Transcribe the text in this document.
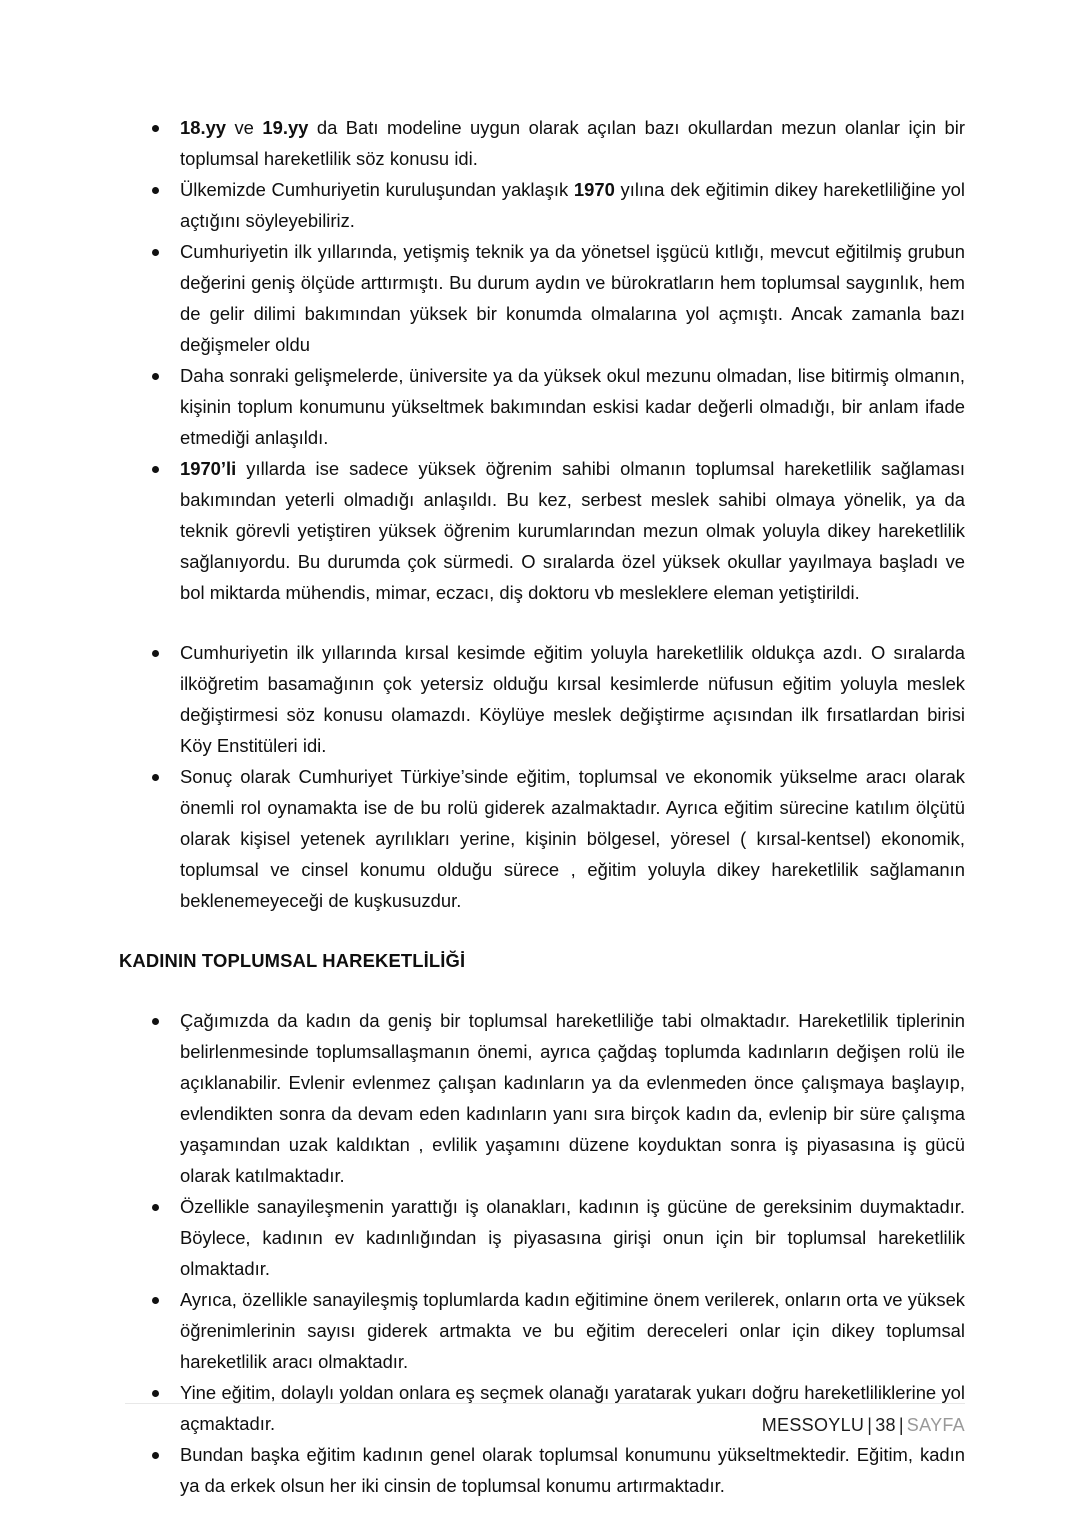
18.yy ve 19.yy da Batı modeline uygun olarak açılan bazı okullardan mezun olanlar için bir toplumsal hareketlilik söz konusu idi.
Ülkemizde Cumhuriyetin kuruluşundan yaklaşık 1970 yılına dek eğitimin dikey hareketliliğine yol açtığını söyleyebiliriz.
Cumhuriyetin ilk yıllarında, yetişmiş teknik ya da yönetsel işgücü kıtlığı, mevcut eğitilmiş grubun değerini geniş ölçüde arttırmıştı. Bu durum aydın ve bürokratların hem toplumsal saygınlık, hem de gelir dilimi bakımından yüksek bir konumda olmalarına yol açmıştı. Ancak zamanla bazı değişmeler oldu
Daha sonraki gelişmelerde, üniversite ya da yüksek okul mezunu olmadan, lise bitirmiş olmanın, kişinin toplum konumunu yükseltmek bakımından eskisi kadar değerli olmadığı, bir anlam ifade etmediği anlaşıldı.
1970’li yıllarda ise sadece yüksek öğrenim sahibi olmanın toplumsal hareketlilik sağlaması bakımından yeterli olmadığı anlaşıldı. Bu kez, serbest meslek sahibi olmaya yönelik, ya da teknik görevli yetiştiren yüksek öğrenim kurumlarından mezun olmak yoluyla dikey hareketlilik sağlanıyordu. Bu durumda çok sürmedi. O sıralarda özel yüksek okullar yayılmaya başladı ve bol miktarda mühendis, mimar, eczacı, diş doktoru vb mesleklere eleman yetiştirildi.
Cumhuriyetin ilk yıllarında kırsal kesimde eğitim yoluyla hareketlilik oldukça azdı. O sıralarda ilköğretim basamağının çok yetersiz olduğu kırsal kesimlerde nüfusun eğitim yoluyla meslek değiştirmesi söz konusu olamazdı. Köylüye meslek değiştirme açısından ilk fırsatlardan birisi Köy Enstitüleri idi.
Sonuç olarak Cumhuriyet Türkiye’sinde eğitim, toplumsal ve ekonomik yükselme aracı olarak önemli rol oynamakta ise de bu rolü giderek azalmaktadır. Ayrıca eğitim sürecine katılım ölçütü olarak kişisel yetenek ayrılıkları yerine, kişinin bölgesel, yöresel ( kırsal-kentsel) ekonomik, toplumsal ve cinsel konumu olduğu sürece , eğitim yoluyla dikey hareketlilik sağlamanın beklenemeyeceği de kuşkusuzdur.
KADININ TOPLUMSAL HAREKETLİLİĞİ
Çağımızda da kadın da geniş bir toplumsal hareketliliğe tabi olmaktadır. Hareketlilik tiplerinin belirlenmesinde toplumsallaşmanın önemi, ayrıca çağdaş toplumda kadınların değişen rolü ile açıklanabilir. Evlenir evlenmez çalışan kadınların ya da evlenmeden önce çalışmaya başlayıp, evlendikten sonra da devam eden kadınların yanı sıra birçok kadın da, evlenip bir süre çalışma yaşamından uzak kaldıktan , evlilik yaşamını düzene koyduktan sonra iş piyasasına iş gücü olarak katılmaktadır.
Özellikle sanayileşmenin yarattığı iş olanakları, kadının iş gücüne de gereksinim duymaktadır. Böylece, kadının ev kadınlığından iş piyasasına girişi onun için bir toplumsal hareketlilik olmaktadır.
Ayrıca, özellikle sanayileşmiş toplumlarda kadın eğitimine önem verilerek, onların orta ve yüksek öğrenimlerinin sayısı giderek artmakta ve bu eğitim dereceleri onlar için dikey toplumsal hareketlilik aracı olmaktadır.
Yine eğitim, dolaylı yoldan onlara eş seçmek olanağı yaratarak yukarı doğru hareketliliklerine yol açmaktadır.
Bundan başka eğitim kadının genel olarak toplumsal konumunu yükseltmektedir. Eğitim, kadın ya da erkek olsun her iki cinsin de toplumsal konumu artırmaktadır.
MESSOYLU | 38 | SAYFA
